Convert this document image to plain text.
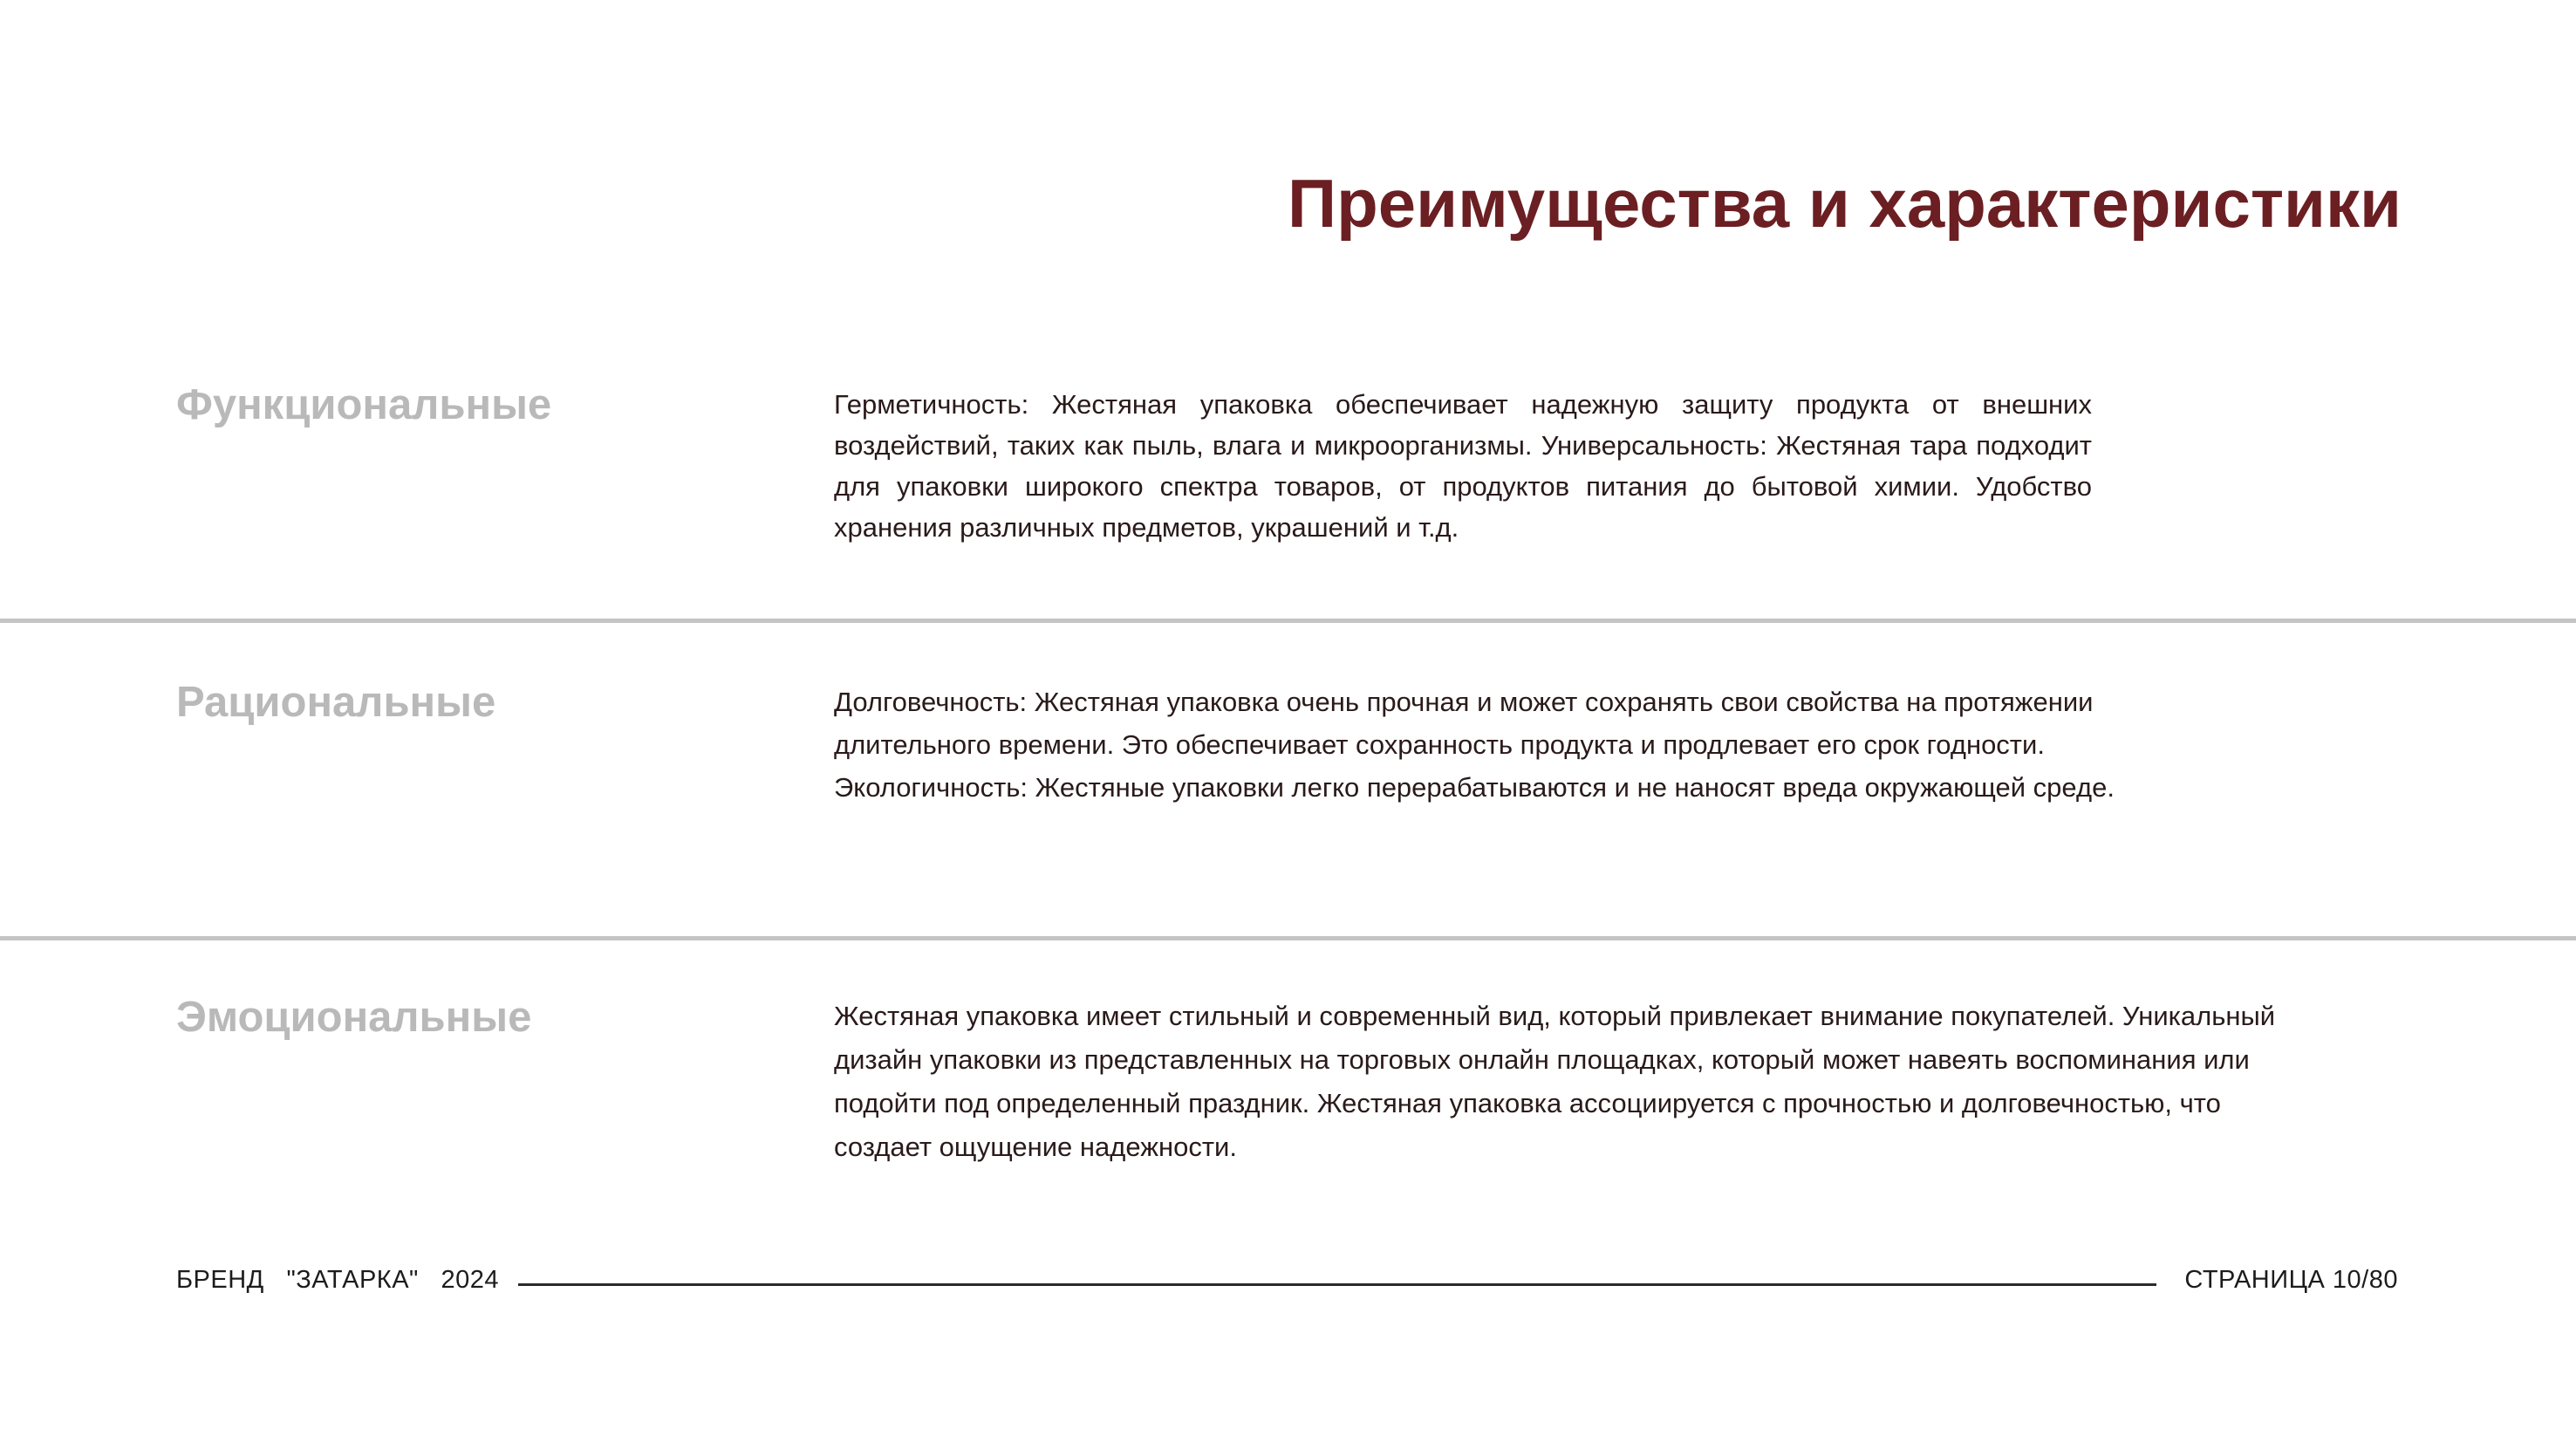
Преимущества и характеристики
Функциональные	Герметичность: Жестяная упаковка обеспечивает надежную защиту продукта от внешних воздействий, таких как пыль, влага и микроорганизмы. Универсальность: Жестяная тара подходит для упаковки широкого спектра товаров, от продуктов питания до бытовой химии. Удобство хранения различных предметов, украшений и т.д.

Рациональные	Долговечность: Жестяная упаковка очень прочная и может сохранять свои свойства на протяжении длительного времени. Это обеспечивает сохранность продукта и продлевает его срок годности. Экологичность: Жестяные упаковки легко перерабатываются и не наносят вреда окружающей среде.

Эмоциональные	Жестяная упаковка имеет стильный и современный вид, который привлекает внимание покупателей. Уникальный дизайн упаковки из представленных на торговых онлайн площадках, который может навеять воспоминания или подойти под определенный праздник. Жестяная упаковка ассоциируется с прочностью и долговечностью, что создает ощущение надежности.

БРЕНД   "ЗАТАРКА"   2024	СТРАНИЦА 10/80
